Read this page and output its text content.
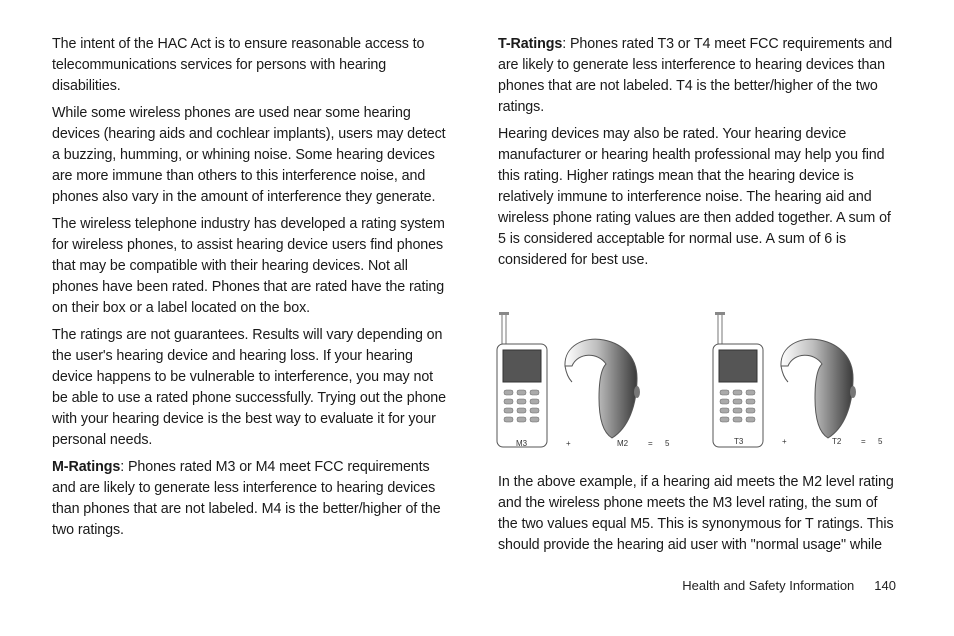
The intent of the HAC Act is to ensure reasonable access to telecommunications services for persons with hearing disabilities.

While some wireless phones are used near some hearing devices (hearing aids and cochlear implants), users may detect a buzzing, humming, or whining noise. Some hearing devices are more immune than others to this interference noise, and phones also vary in the amount of interference they generate.

The wireless telephone industry has developed a rating system for wireless phones, to assist hearing device users find phones that may be compatible with their hearing devices. Not all phones have been rated. Phones that are rated have the rating on their box or a label located on the box.

The ratings are not guarantees. Results will vary depending on the user's hearing device and hearing loss. If your hearing device happens to be vulnerable to interference, you may not be able to use a rated phone successfully. Trying out the phone with your hearing device is the best way to evaluate it for your personal needs.

M-Ratings: Phones rated M3 or M4 meet FCC requirements and are likely to generate less interference to hearing devices than phones that are not labeled. M4 is the better/higher of the two ratings.

T-Ratings: Phones rated T3 or T4 meet FCC requirements and are likely to generate less interference to hearing devices than phones that are not labeled. T4 is the better/higher of the two ratings.

Hearing devices may also be rated. Your hearing device manufacturer or hearing health professional may help you find this rating. Higher ratings mean that the hearing device is relatively immune to interference noise. The hearing aid and wireless phone rating values are then added together. A sum of 5 is considered acceptable for normal use. A sum of 6 is considered for best use.

M3	+	M2 = 5	T3	+	T2 = 5

In the above example, if a hearing aid meets the M2 level rating and the wireless phone meets the M3 level rating, the sum of the two values equal M5. This is synonymous for T ratings. This should provide the hearing aid user with "normal usage" while

Health and Safety Information 140
